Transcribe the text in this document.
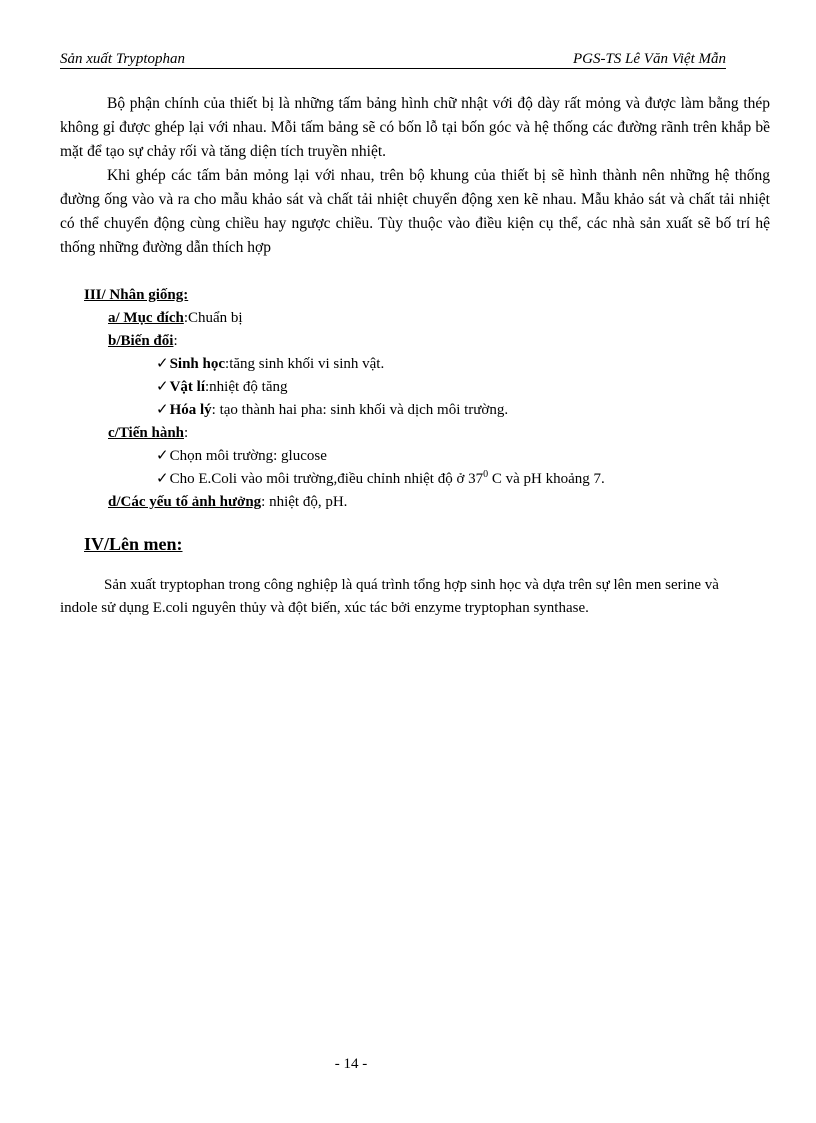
Sản xuất Tryptophan	PGS-TS Lê Văn Việt Mẫn

Bộ phận chính của thiết bị là những tấm bảng hình chữ nhật với độ dày rất mỏng và được làm bằng thép không gỉ được ghép lại với nhau. Mỗi tấm bảng sẽ có bốn lỗ tại bốn góc và hệ thống các đường rãnh trên khắp bề mặt để tạo sự chảy rối và tăng diện tích truyền nhiệt.

Khi ghép các tấm bản mỏng lại với nhau, trên bộ khung của thiết bị sẽ hình thành nên những hệ thống đường ống vào và ra cho mẫu khảo sát và chất tải nhiệt chuyển động xen kẽ nhau. Mẫu khảo sát và chất tải nhiệt có thể chuyển động cùng chiều hay ngược chiều. Tùy thuộc vào điều kiện cụ thể, các nhà sản xuất sẽ bố trí hệ thống những đường dẫn thích hợp

III/ Nhân giống:
a/ Mục đích:Chuẩn bị
b/Biến đổi:
✓Sinh học:tăng sinh khối vi sinh vật.
✓Vật lí:nhiệt độ tăng
✓Hóa lý: tạo thành hai pha: sinh khối và dịch môi trường.
c/Tiến hành:
✓Chọn môi trường: glucose
✓Cho E.Coli vào môi trường,điều chỉnh nhiệt độ ở $37^0$ C và pH khoảng 7.
d/Các yếu tố ảnh hưởng: nhiệt độ, pH.
IV/Lên men:

Sản xuất tryptophan trong công nghiệp là quá trình tổng hợp sinh học và dựa trên sự lên men serine và indole sử dụng E.coli nguyên thủy và đột biến, xúc tác bởi enzyme tryptophan synthase.

- 14 -
